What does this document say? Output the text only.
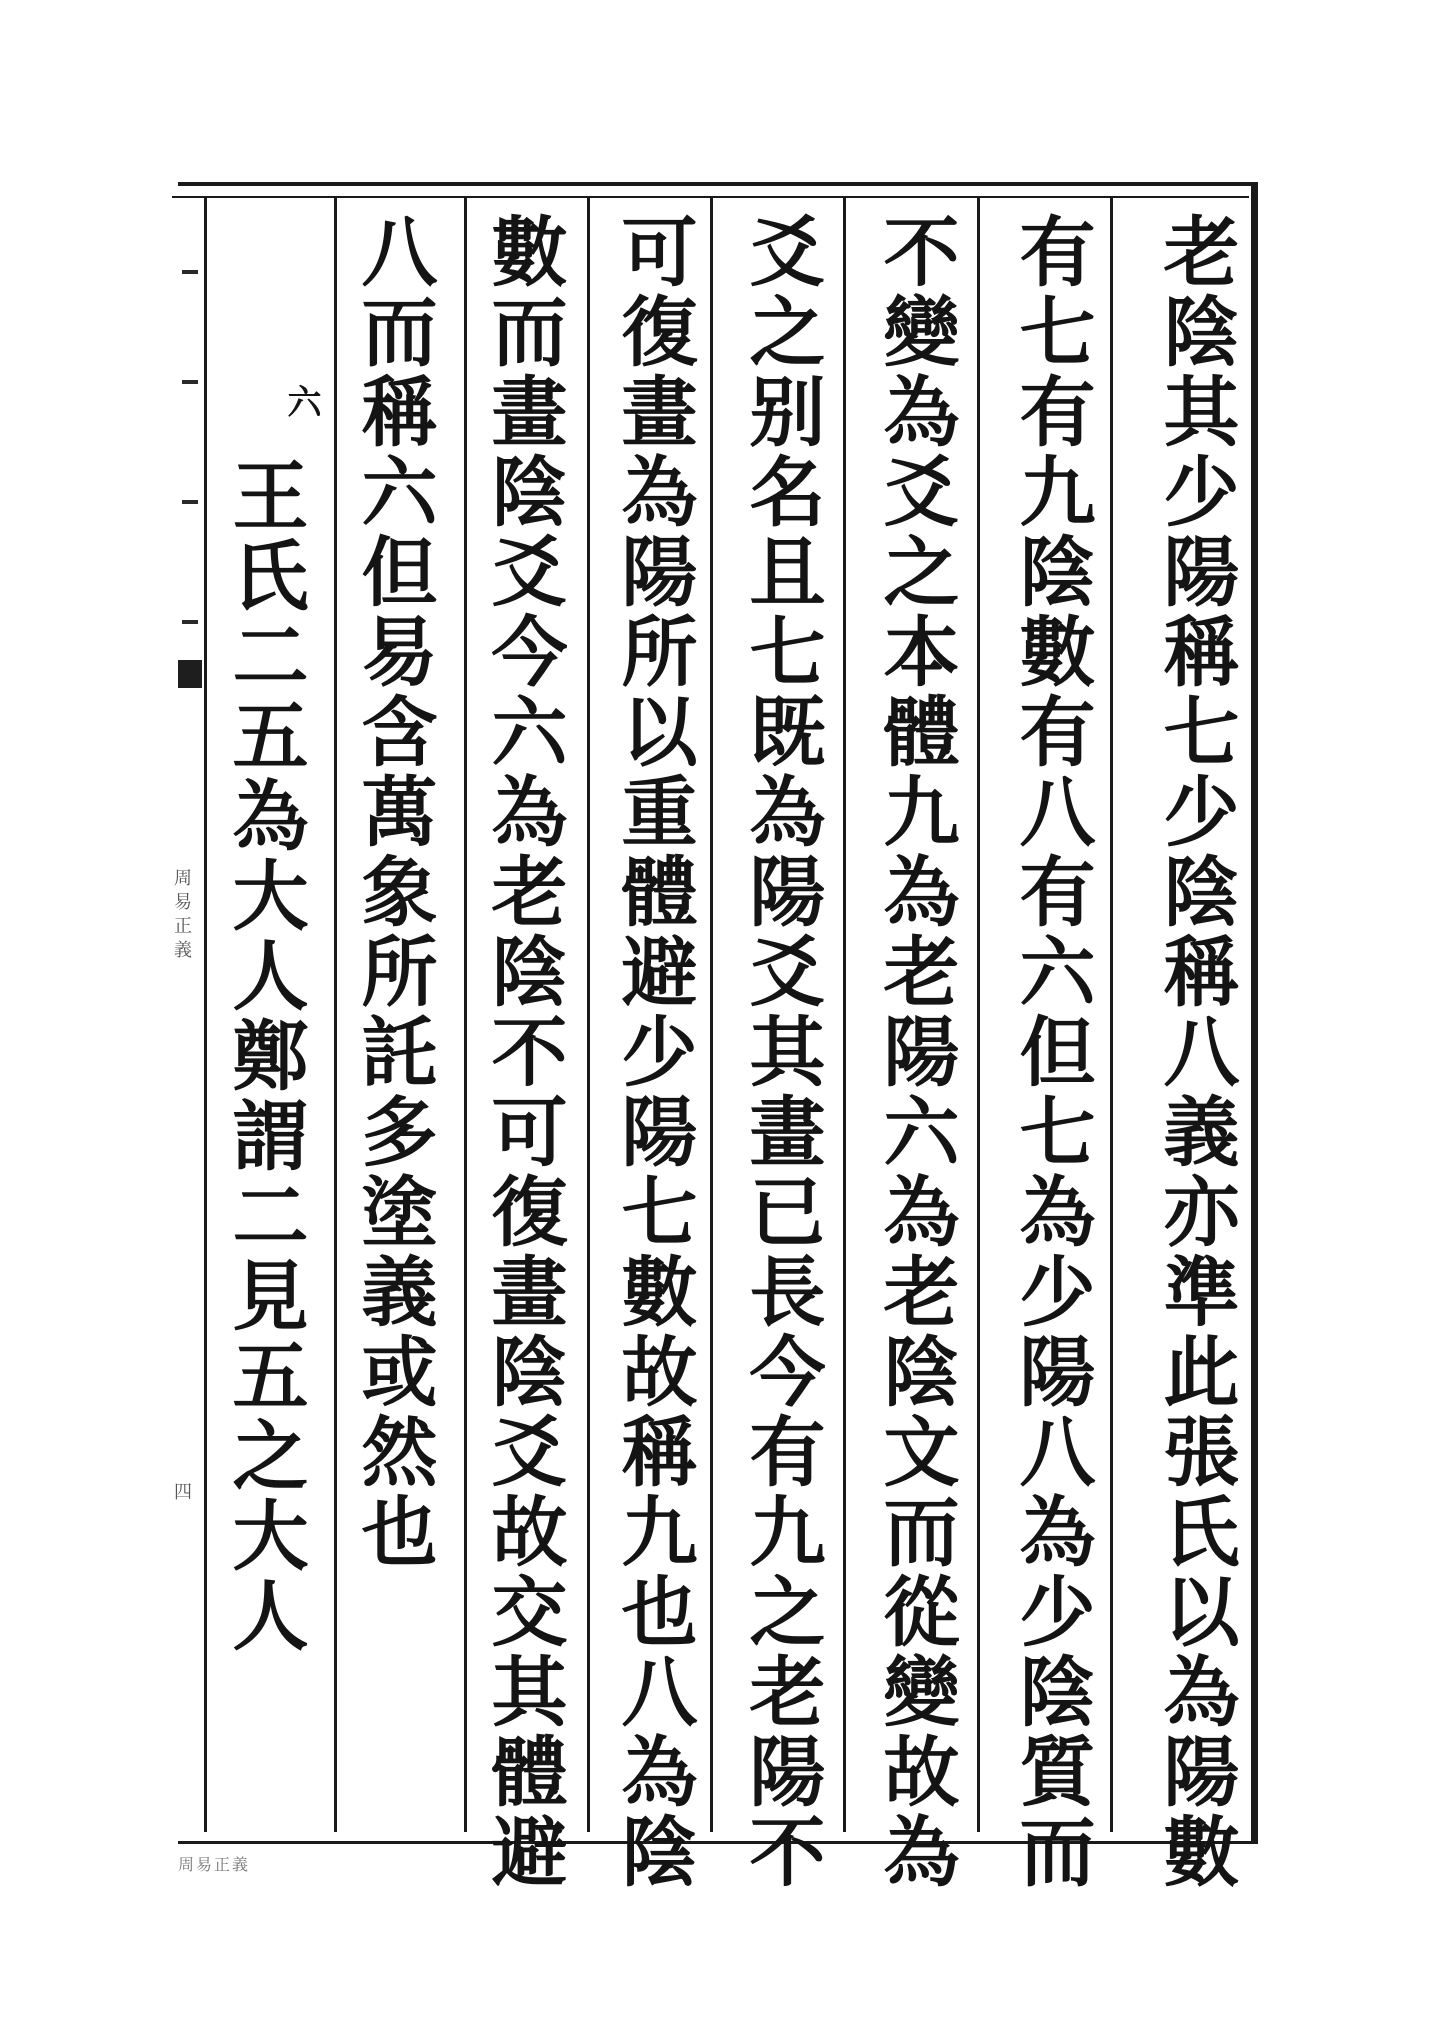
老陰其少陽稱七少陰稱八義亦準此張氏以為陽數

有七有九陰數有八有六但七為少陽八為少陰質而

不變為爻之本體九為老陽六為老陰文而從變故為

爻之别名且七既為陽爻其畫已長今有九之老陽不

可復畫為陽所以重體避少陽七數故稱九也八為陰

數而畫陰爻今六為老陰不可復畫陰爻故交其體避

八而稱六但易含萬象所託多塗義或然也

王氏二五為大人鄭謂二見五之大人

六

周易正義

四

周易正義
